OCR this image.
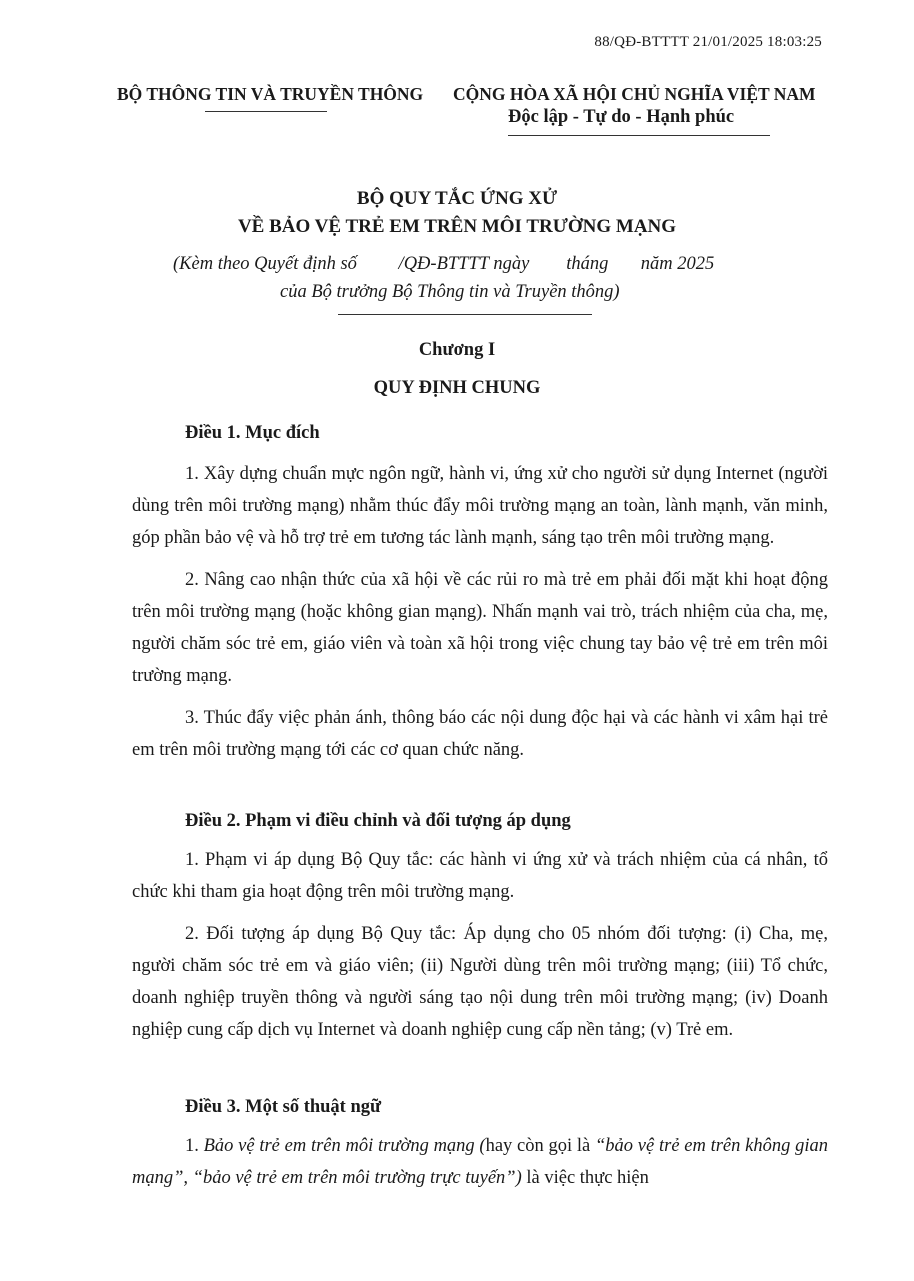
88/QĐ-BTTTT 21/01/2025 18:03:25
BỘ THÔNG TIN VÀ TRUYỀN THÔNG CỘNG HÒA XÃ HỘI CHỦ NGHĨA VIỆT NAM
Độc lập - Tự do - Hạnh phúc
BỘ QUY TẮC ỨNG XỬ
VỀ BẢO VỆ TRẺ EM TRÊN MÔI TRƯỜNG MẠNG
(Kèm theo Quyết định số         /QĐ-BTTTT ngày        tháng       năm 2025
của Bộ trưởng Bộ Thông tin và Truyền thông)
Chương I
QUY ĐỊNH CHUNG

Điều 1. Mục đích

1. Xây dựng chuẩn mực ngôn ngữ, hành vi, ứng xử cho người sử dụng Internet (người dùng trên môi trường mạng) nhằm thúc đẩy môi trường mạng an toàn, lành mạnh, văn minh, góp phần bảo vệ và hỗ trợ trẻ em tương tác lành mạnh, sáng tạo trên môi trường mạng.

2. Nâng cao nhận thức của xã hội về các rủi ro mà trẻ em phải đối mặt khi hoạt động trên môi trường mạng (hoặc không gian mạng). Nhấn mạnh vai trò, trách nhiệm của cha, mẹ, người chăm sóc trẻ em, giáo viên và toàn xã hội trong việc chung tay bảo vệ trẻ em trên môi trường mạng.

3. Thúc đẩy việc phản ánh, thông báo các nội dung độc hại và các hành vi xâm hại trẻ em trên môi trường mạng tới các cơ quan chức năng.

Điều 2. Phạm vi điều chỉnh và đối tượng áp dụng

1. Phạm vi áp dụng Bộ Quy tắc: các hành vi ứng xử và trách nhiệm của cá nhân, tổ chức khi tham gia hoạt động trên môi trường mạng.

2. Đối tượng áp dụng Bộ Quy tắc: Áp dụng cho 05 nhóm đối tượng: (i) Cha, mẹ, người chăm sóc trẻ em và giáo viên; (ii) Người dùng trên môi trường mạng; (iii) Tổ chức, doanh nghiệp truyền thông và người sáng tạo nội dung trên môi trường mạng; (iv) Doanh nghiệp cung cấp dịch vụ Internet và doanh nghiệp cung cấp nền tảng; (v) Trẻ em.

Điều 3. Một số thuật ngữ

1. Bảo vệ trẻ em trên môi trường mạng (hay còn gọi là “bảo vệ trẻ em trên không gian mạng”, “bảo vệ trẻ em trên môi trường trực tuyến”) là việc thực hiện
